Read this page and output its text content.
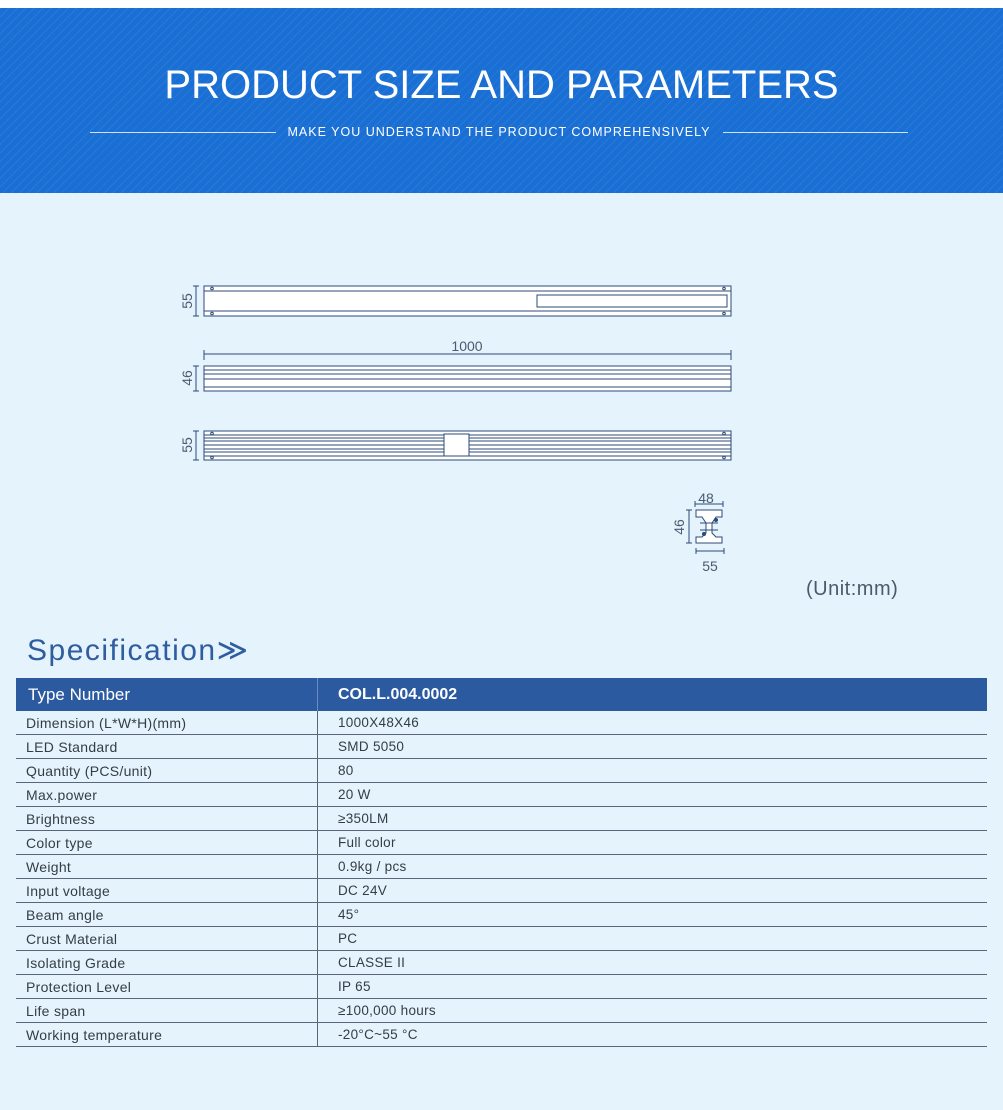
PRODUCT SIZE AND PARAMETERS
MAKE YOU UNDERSTAND THE PRODUCT COMPREHENSIVELY
55
1000
46
55
48
46
55
(Unit:mm)
Specification≫
Type Number	COL.L.004.0002
Dimension (L*W*H)(mm)	1000X48X46
LED Standard	SMD 5050
Quantity (PCS/unit)	80
Max.power	20 W
Brightness	≥350LM
Color type	Full color
Weight	0.9kg / pcs
Input voltage	DC 24V
Beam angle	45°
Crust Material	PC
Isolating Grade	CLASSE II
Protection Level	IP 65
Life span	≥100,000 hours
Working temperature	-20°C~55 °C
